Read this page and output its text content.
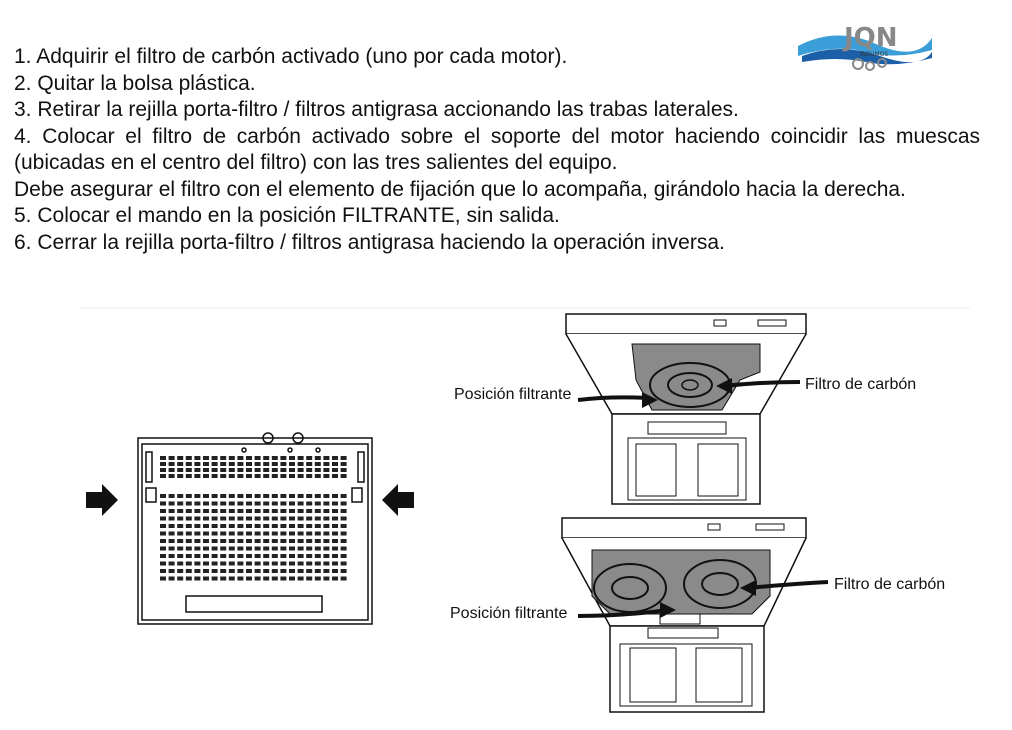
JQN
INSUMOS

1. Adquirir el filtro de carbón activado (uno por cada motor).

2. Quitar la bolsa plástica.

3. Retirar la rejilla porta-filtro / filtros antigrasa accionando las trabas laterales.

4. Colocar el filtro de carbón activado sobre el soporte del motor haciendo coincidir las muescas (ubicadas en el centro del filtro) con las tres salientes del equipo.

Debe asegurar el filtro con el elemento de fijación que lo acompaña, girándolo hacia la derecha.

5. Colocar el mando en la posición FILTRANTE, sin salida.

6. Cerrar la rejilla porta-filtro / filtros antigrasa haciendo la operación inversa.

Posición filtrante
Filtro de carbón
Posición filtrante
Filtro de carbón
